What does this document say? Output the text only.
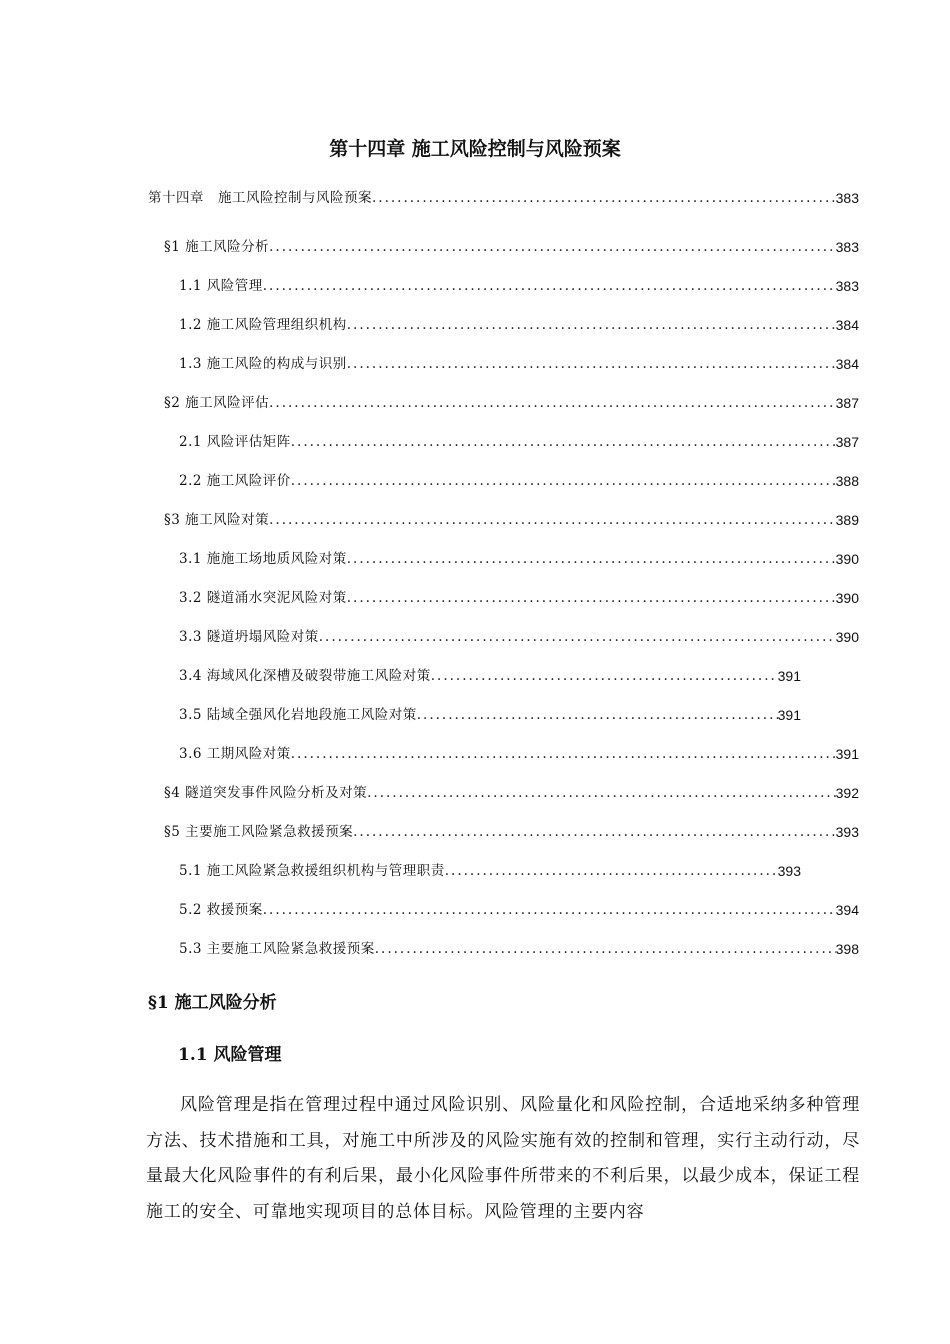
第十四章 施工风险控制与风险预案
第十四章　施工风险控制与风险预案 .....	383
§1 施工风险分析 .....	383
1.1 风险管理 .....	383
1.2 施工风险管理组织机构 .....	384
1.3 施工风险的构成与识别 .....	384
§2 施工风险评估 .....	387
2.1 风险评估矩阵 .....	387
2.2 施工风险评价 .....	388
§3 施工风险对策 .....	389
3.1 施施工场地质风险对策 .....	390
3.2 隧道涌水突泥风险对策 .....	390
3.3 隧道坍塌风险对策 .....	390
3.4 海域风化深槽及破裂带施工风险对策 .....	391
3.5 陆域全强风化岩地段施工风险对策 .....	391
3.6 工期风险对策 .....	391
§4 隧道突发事件风险分析及对策 .....	392
§5 主要施工风险紧急救援预案 .....	393
5.1 施工风险紧急救援组织机构与管理职责 .....	393
5.2 救援预案 .....	394
5.3 主要施工风险紧急救援预案 .....	398
§1 施工风险分析
1.1 风险管理
风险管理是指在管理过程中通过风险识别、风险量化和风险控制，合适地采纳多种管理方法、技术措施和工具，对施工中所涉及的风险实施有效的控制和管理，实行主动行动，尽量最大化风险事件的有利后果，最小化风险事件所带来的不利后果，以最少成本，保证工程施工的安全、可靠地实现项目的总体目标。风险管理的主要内容
